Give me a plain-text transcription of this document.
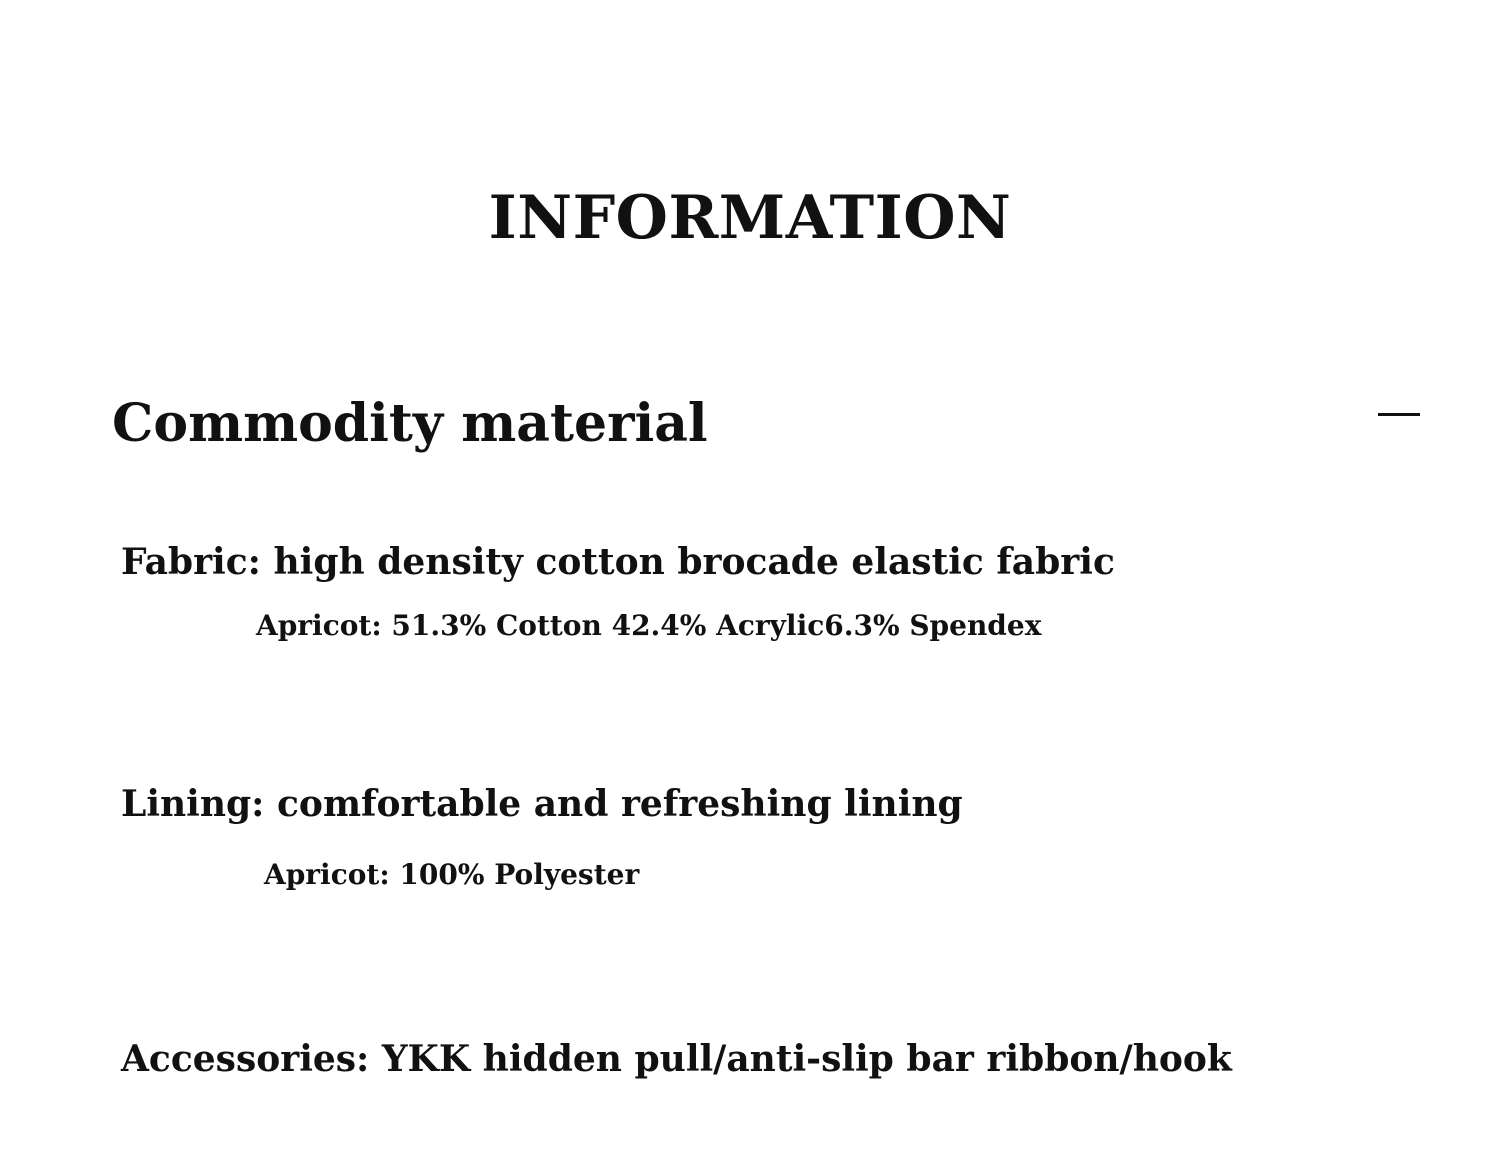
INFORMATION
Commodity material
Fabric: high density cotton brocade elastic fabric
Apricot: 51.3% Cotton 42.4% Acrylic6.3% Spendex
Lining: comfortable and refreshing lining
Apricot: 100% Polyester
Accessories: YKK hidden pull/anti-slip bar ribbon/hook
